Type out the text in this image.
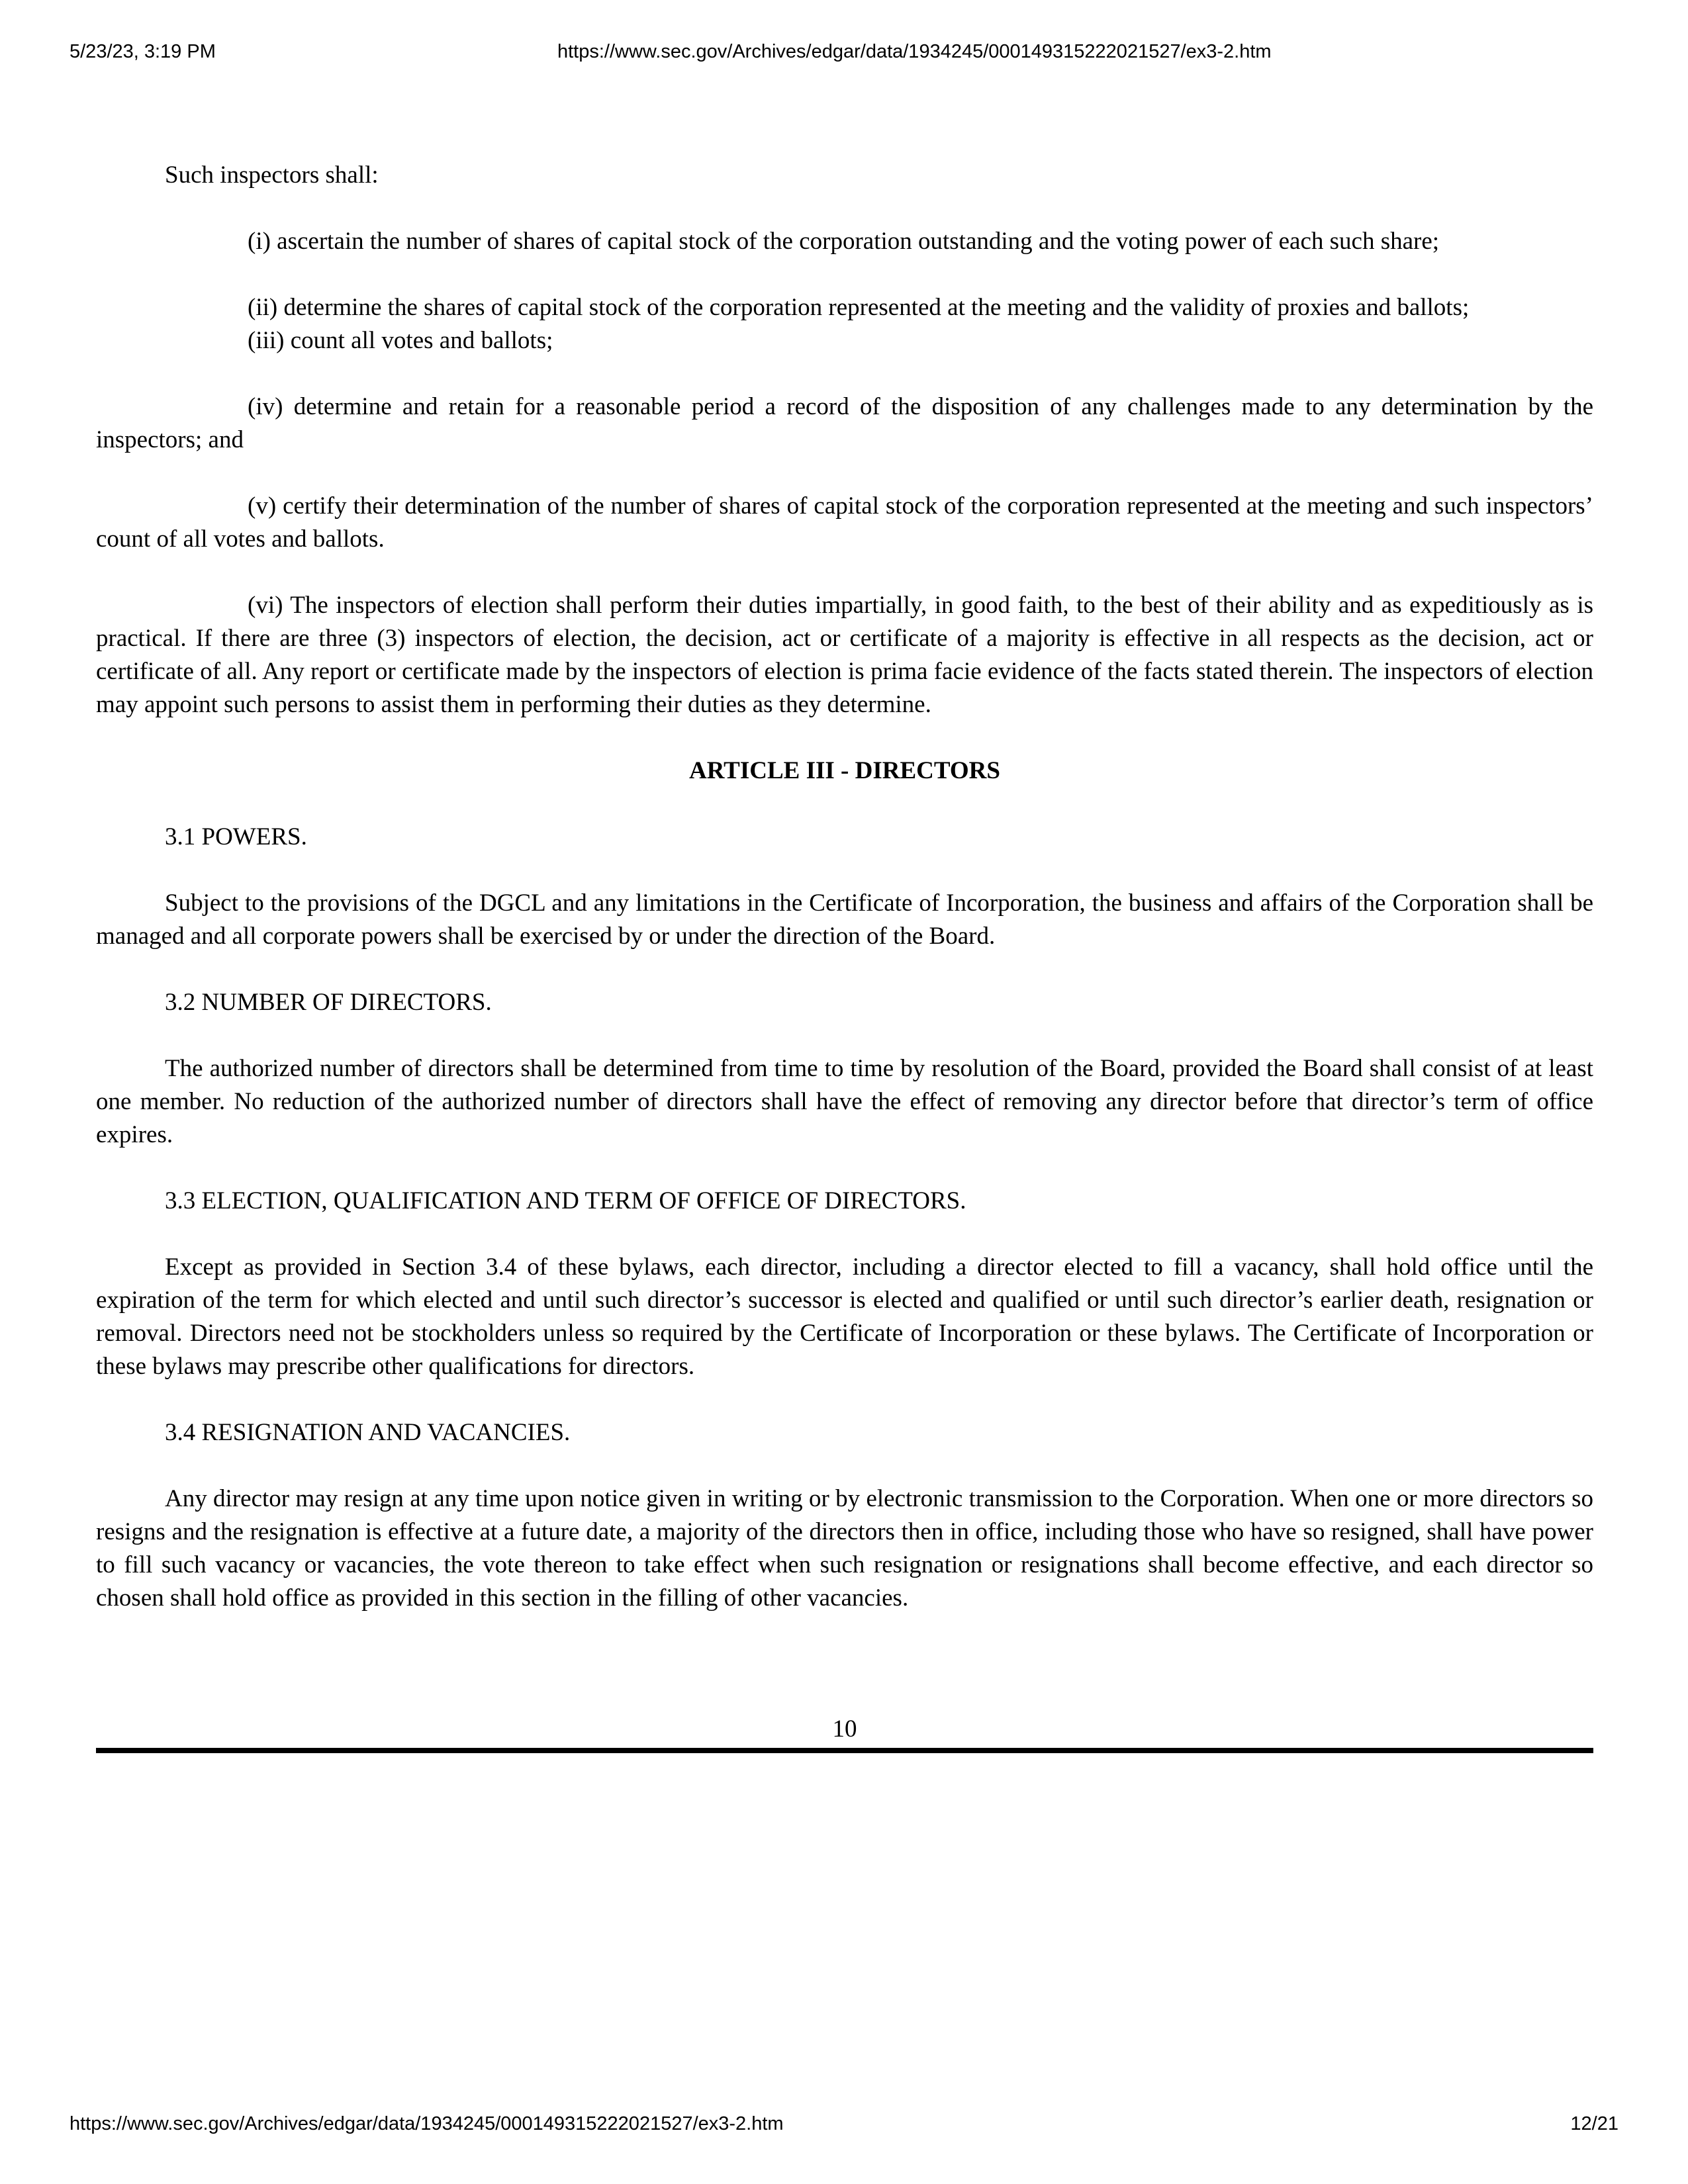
5/23/23, 3:19 PM	https://www.sec.gov/Archives/edgar/data/1934245/000149315222021527/ex3-2.htm

Such inspectors shall:

(i) ascertain the number of shares of capital stock of the corporation outstanding and the voting power of each such share;

(ii) determine the shares of capital stock of the corporation represented at the meeting and the validity of proxies and ballots;

(iii) count all votes and ballots;

(iv) determine and retain for a reasonable period a record of the disposition of any challenges made to any determination by the inspectors; and

(v) certify their determination of the number of shares of capital stock of the corporation represented at the meeting and such inspectors’ count of all votes and ballots.

(vi) The inspectors of election shall perform their duties impartially, in good faith, to the best of their ability and as expeditiously as is practical. If there are three (3) inspectors of election, the decision, act or certificate of a majority is effective in all respects as the decision, act or certificate of all. Any report or certificate made by the inspectors of election is prima facie evidence of the facts stated therein. The inspectors of election may appoint such persons to assist them in performing their duties as they determine.

ARTICLE III - DIRECTORS

3.1 POWERS.

Subject to the provisions of the DGCL and any limitations in the Certificate of Incorporation, the business and affairs of the Corporation shall be managed and all corporate powers shall be exercised by or under the direction of the Board.

3.2 NUMBER OF DIRECTORS.

The authorized number of directors shall be determined from time to time by resolution of the Board, provided the Board shall consist of at least one member. No reduction of the authorized number of directors shall have the effect of removing any director before that director’s term of office expires.

3.3 ELECTION, QUALIFICATION AND TERM OF OFFICE OF DIRECTORS.

Except as provided in Section 3.4 of these bylaws, each director, including a director elected to fill a vacancy, shall hold office until the expiration of the term for which elected and until such director’s successor is elected and qualified or until such director’s earlier death, resignation or removal. Directors need not be stockholders unless so required by the Certificate of Incorporation or these bylaws. The Certificate of Incorporation or these bylaws may prescribe other qualifications for directors.

3.4 RESIGNATION AND VACANCIES.

Any director may resign at any time upon notice given in writing or by electronic transmission to the Corporation. When one or more directors so resigns and the resignation is effective at a future date, a majority of the directors then in office, including those who have so resigned, shall have power to fill such vacancy or vacancies, the vote thereon to take effect when such resignation or resignations shall become effective, and each director so chosen shall hold office as provided in this section in the filling of other vacancies.

10
https://www.sec.gov/Archives/edgar/data/1934245/000149315222021527/ex3-2.htm	12/21
